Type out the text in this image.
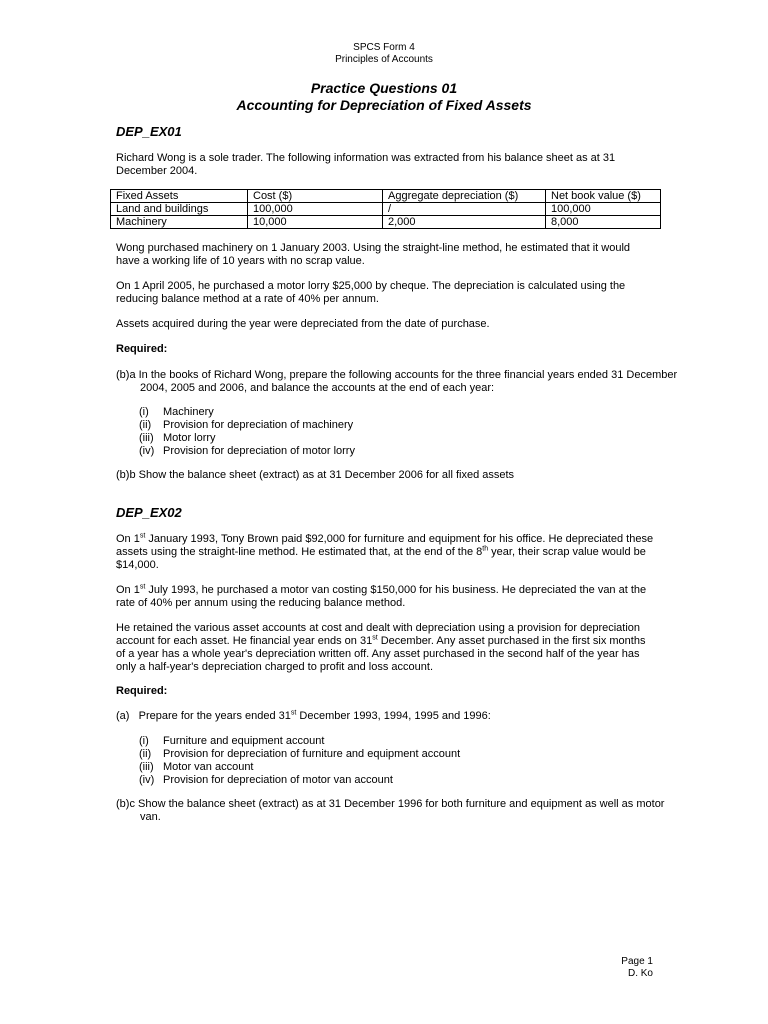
SPCS Form 4
Principles of Accounts
Practice Questions 01
Accounting for Depreciation of Fixed Assets
DEP_EX01
Richard Wong is a sole trader. The following information was extracted from his balance sheet as at 31 December 2004.
Fixed Assets	Cost ($)	Aggregate depreciation ($)	Net book value ($)
Land and buildings	100,000	/	100,000
Machinery	10,000	2,000	8,000
Wong purchased machinery on 1 January 2003. Using the straight-line method, he estimated that it would have a working life of 10 years with no scrap value.
On 1 April 2005, he purchased a motor lorry $25,000 by cheque. The depreciation is calculated using the reducing balance method at a rate of 40% per annum.
Assets acquired during the year were depreciated from the date of purchase.
Required:
(b)a In the books of Richard Wong, prepare the following accounts for the three financial years ended 31 December 2004, 2005 and 2006, and balance the accounts at the end of each year:
(i) Machinery
(ii) Provision for depreciation of machinery
(iii) Motor lorry
(iv) Provision for depreciation of motor lorry
(b)b Show the balance sheet (extract) as at 31 December 2006 for all fixed assets
DEP_EX02
On 1st January 1993, Tony Brown paid $92,000 for furniture and equipment for his office. He depreciated these assets using the straight-line method. He estimated that, at the end of the 8th year, their scrap value would be $14,000.
On 1st July 1993, he purchased a motor van costing $150,000 for his business. He depreciated the van at the rate of 40% per annum using the reducing balance method.
He retained the various asset accounts at cost and dealt with depreciation using a provision for depreciation account for each asset. He financial year ends on 31st December. Any asset purchased in the first six months of a year has a whole year's depreciation written off. Any asset purchased in the second half of the year has only a half-year's depreciation charged to profit and loss account.
Required:
(a) Prepare for the years ended 31st December 1993, 1994, 1995 and 1996:
(i) Furniture and equipment account
(ii) Provision for depreciation of furniture and equipment account
(iii) Motor van account
(iv) Provision for depreciation of motor van account
(b)c Show the balance sheet (extract) as at 31 December 1996 for both furniture and equipment as well as motor van.
Page 1
D. Ko
